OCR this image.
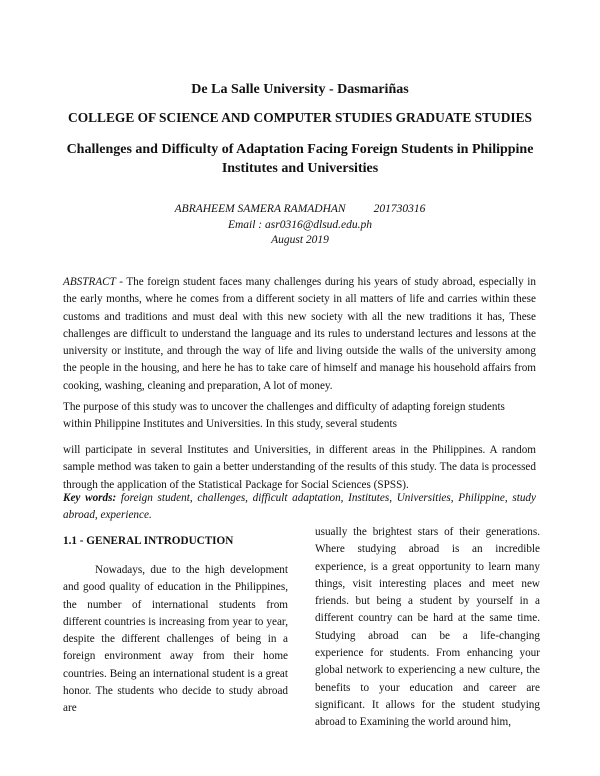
De La Salle University - Dasmariñas
COLLEGE OF SCIENCE AND COMPUTER STUDIES GRADUATE STUDIES
Challenges and Difficulty of Adaptation Facing Foreign Students in Philippine Institutes and Universities
ABRAHEEM SAMERA RAMADHAN 201730316
Email : asr0316@dlsud.edu.ph
August 2019

ABSTRACT - The foreign student faces many challenges during his years of study abroad, especially in the early months, where he comes from a different society in all matters of life and carries within these customs and traditions and must deal with this new society with all the new traditions it has, These challenges are difficult to understand the language and its rules to understand lectures and lessons at the university or institute, and through the way of life and living outside the walls of the university among the people in the housing, and here he has to take care of himself and manage his household affairs from cooking, washing, cleaning and preparation, A lot of money.

The purpose of this study was to uncover the challenges and difficulty of adapting foreign students within Philippine Institutes and Universities. In this study, several students

will participate in several Institutes and Universities, in different areas in the Philippines. A random sample method was taken to gain a better understanding of the results of this study. The data is processed through the application of the Statistical Package for Social Sciences (SPSS).

Key words: foreign student, challenges, difficult adaptation, Institutes, Universities, Philippine, study abroad, experience.

1.1 - GENERAL INTRODUCTION

Nowadays, due to the high development and good quality of education in the Philippines, the number of international students from different countries is increasing from year to year, despite the different challenges of being in a foreign environment away from their home countries. Being an international student is a great honor. The students who decide to study abroad are

usually the brightest stars of their generations. Where studying abroad is an incredible experience, is a great opportunity to learn many things, visit interesting places and meet new friends. but being a student by yourself in a different country can be hard at the same time. Studying abroad can be a life-changing experience for students. From enhancing your global network to experiencing a new culture, the benefits to your education and career are significant. It allows for the student studying abroad to Examining the world around him,
